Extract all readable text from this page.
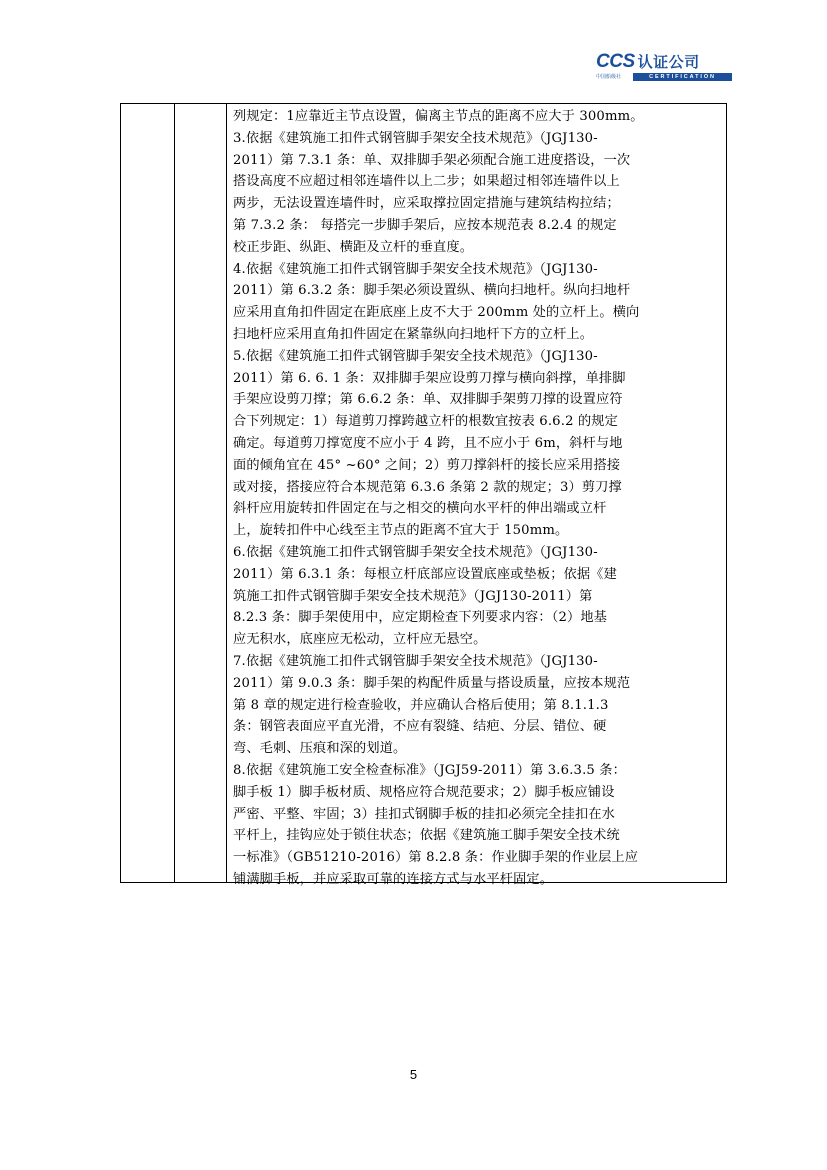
CCS 认证公司
中国船级社	CERTIFICATION
列规定：1应靠近主节点设置，偏离主节点的距离不应大于 300mm。
3.依据《建筑施工扣件式钢管脚手架安全技术规范》（JGJ130-
2011）第 7.3.1 条：单、双排脚手架必须配合施工进度搭设，一次
搭设高度不应超过相邻连墙件以上二步；如果超过相邻连墙件以上
两步，无法设置连墙件时，应采取撑拉固定措施与建筑结构拉结；
第 7.3.2 条： 每搭完一步脚手架后，应按本规范表 8.2.4 的规定
校正步距、纵距、横距及立杆的垂直度。
4.依据《建筑施工扣件式钢管脚手架安全技术规范》（JGJ130-
2011）第 6.3.2 条：脚手架必须设置纵、横向扫地杆。纵向扫地杆
应采用直角扣件固定在距底座上皮不大于 200mm 处的立杆上。横向
扫地杆应采用直角扣件固定在紧靠纵向扫地杆下方的立杆上。
5.依据《建筑施工扣件式钢管脚手架安全技术规范》（JGJ130-
2011）第 6. 6. 1 条：双排脚手架应设剪刀撑与横向斜撑，单排脚
手架应设剪刀撑；第 6.6.2 条：单、双排脚手架剪刀撑的设置应符
合下列规定：1）每道剪刀撑跨越立杆的根数宜按表 6.6.2 的规定
确定。每道剪刀撑宽度不应小于 4 跨，且不应小于 6m，斜杆与地
面的倾角宜在 45° ~60° 之间；2）剪刀撑斜杆的接长应采用搭接
或对接，搭接应符合本规范第 6.3.6 条第 2 款的规定；3）剪刀撑
斜杆应用旋转扣件固定在与之相交的横向水平杆的伸出端或立杆
上，旋转扣件中心线至主节点的距离不宜大于 150mm。
6.依据《建筑施工扣件式钢管脚手架安全技术规范》（JGJ130-
2011）第 6.3.1 条：每根立杆底部应设置底座或垫板；依据《建
筑施工扣件式钢管脚手架安全技术规范》（JGJ130-2011）第
8.2.3 条：脚手架使用中，应定期检查下列要求内容：（2）地基
应无积水，底座应无松动，立杆应无悬空。
7.依据《建筑施工扣件式钢管脚手架安全技术规范》（JGJ130-
2011）第 9.0.3 条：脚手架的构配件质量与搭设质量，应按本规范
第 8 章的规定进行检查验收，并应确认合格后使用；第 8.1.1.3
条：钢管表面应平直光滑，不应有裂缝、结疤、分层、错位、硬
弯、毛刺、压痕和深的划道。
8.依据《建筑施工安全检查标准》（JGJ59-2011）第 3.6.3.5 条：
脚手板 1）脚手板材质、规格应符合规范要求；2）脚手板应铺设
严密、平整、牢固；3）挂扣式钢脚手板的挂扣必须完全挂扣在水
平杆上，挂钩应处于锁住状态；依据《建筑施工脚手架安全技术统
一标准》（GB51210-2016）第 8.2.8 条：作业脚手架的作业层上应
铺满脚手板，并应采取可靠的连接方式与水平杆固定。
5
